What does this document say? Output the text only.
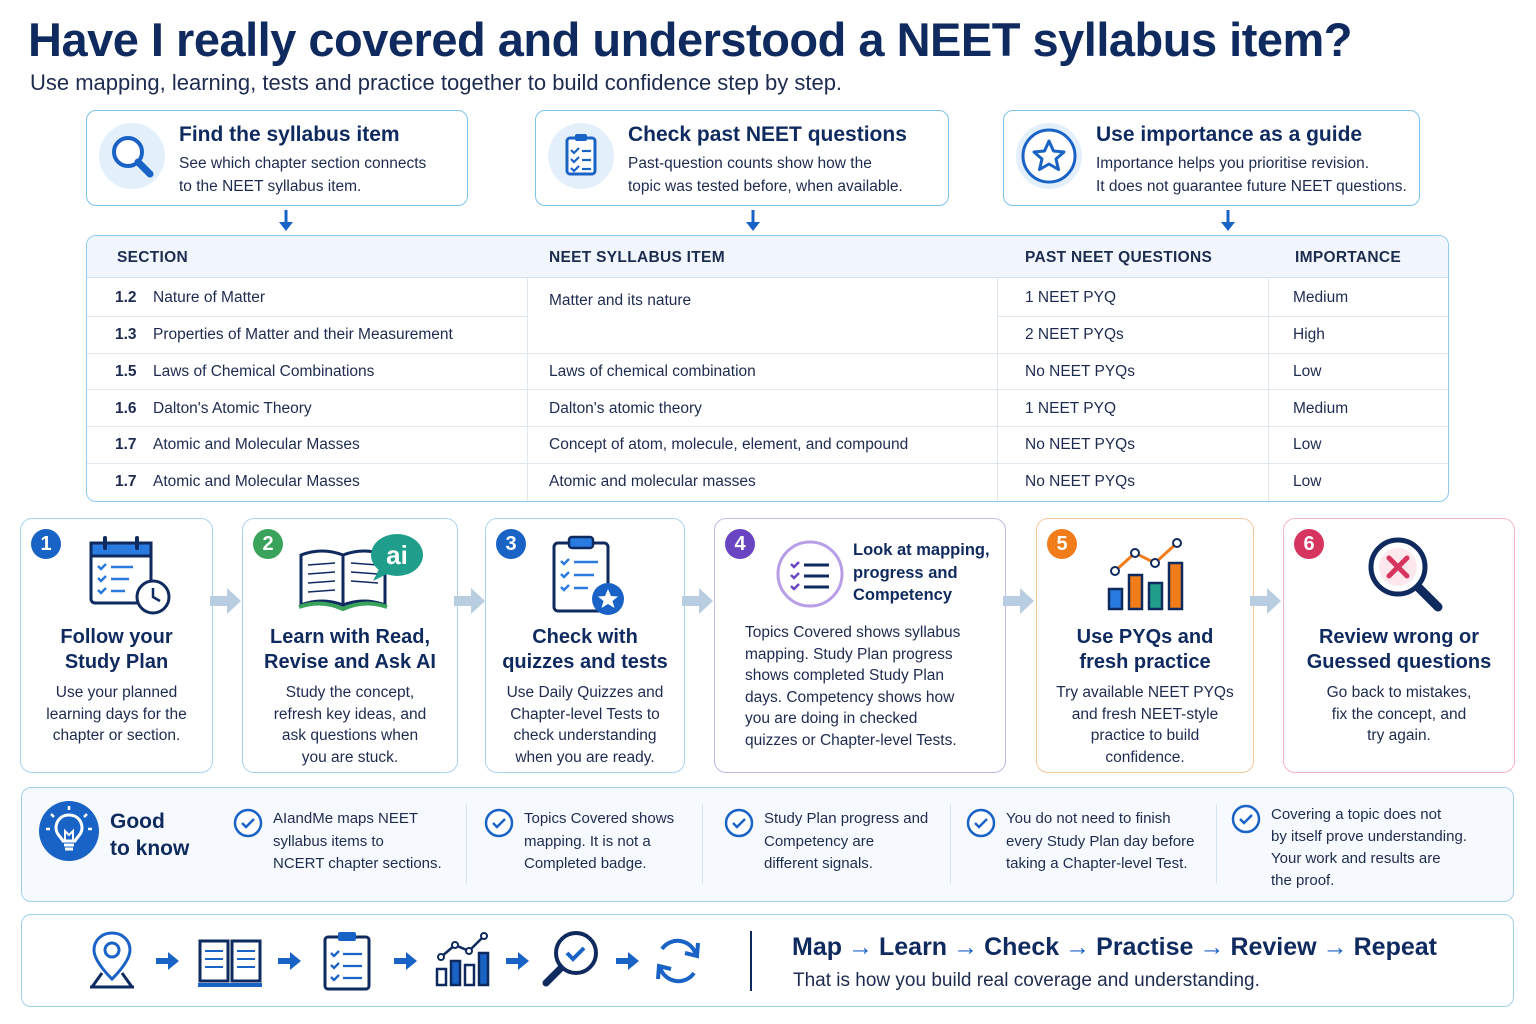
Have I really covered and understood a NEET syllabus item?
Use mapping, learning, tests and practice together to build confidence step by step.
Find the syllabus item
See which chapter section connects
to the NEET syllabus item.
Check past NEET questions
Past-question counts show how the
topic was tested before, when available.
Use importance as a guide
Importance helps you prioritise revision.
It does not guarantee future NEET questions.
SECTION	NEET SYLLABUS ITEM	PAST NEET QUESTIONS	IMPORTANCE
1.2 Nature of Matter	Matter and its nature	1 NEET PYQ	Medium
1.3 Properties of Matter and their Measurement	2 NEET PYQs	High
1.5 Laws of Chemical Combinations	Laws of chemical combination	No NEET PYQs	Low
1.6 Dalton's Atomic Theory	Dalton's atomic theory	1 NEET PYQ	Medium
1.7 Atomic and Molecular Masses	Concept of atom, molecule, element, and compound	No NEET PYQs	Low
1.7 Atomic and Molecular Masses	Atomic and molecular masses	No NEET PYQs	Low
1
Follow your
Study Plan
Use your planned
learning days for the
chapter or section.
2	ai
Learn with Read,
Revise and Ask AI
Study the concept,
refresh key ideas, and
ask questions when
you are stuck.
3
Check with
quizzes and tests
Use Daily Quizzes and
Chapter-level Tests to
check understanding
when you are ready.
4	Look at mapping,
progress and
Competency
Topics Covered shows syllabus
mapping. Study Plan progress
shows completed Study Plan
days. Competency shows how
you are doing in checked
quizzes or Chapter-level Tests.
5
Use PYQs and
fresh practice
Try available NEET PYQs
and fresh NEET-style
practice to build
confidence.
6
Review wrong or
Guessed questions
Go back to mistakes,
fix the concept, and
try again.
Good
to know
AIandMe maps NEET
syllabus items to
NCERT chapter sections.
Topics Covered shows
mapping. It is not a
Completed badge.
Study Plan progress and
Competency are
different signals.
You do not need to finish
every Study Plan day before
taking a Chapter-level Test.
Covering a topic does not
by itself prove understanding.
Your work and results are
the proof.
Map → Learn → Check → Practise → Review → Repeat
That is how you build real coverage and understanding.
